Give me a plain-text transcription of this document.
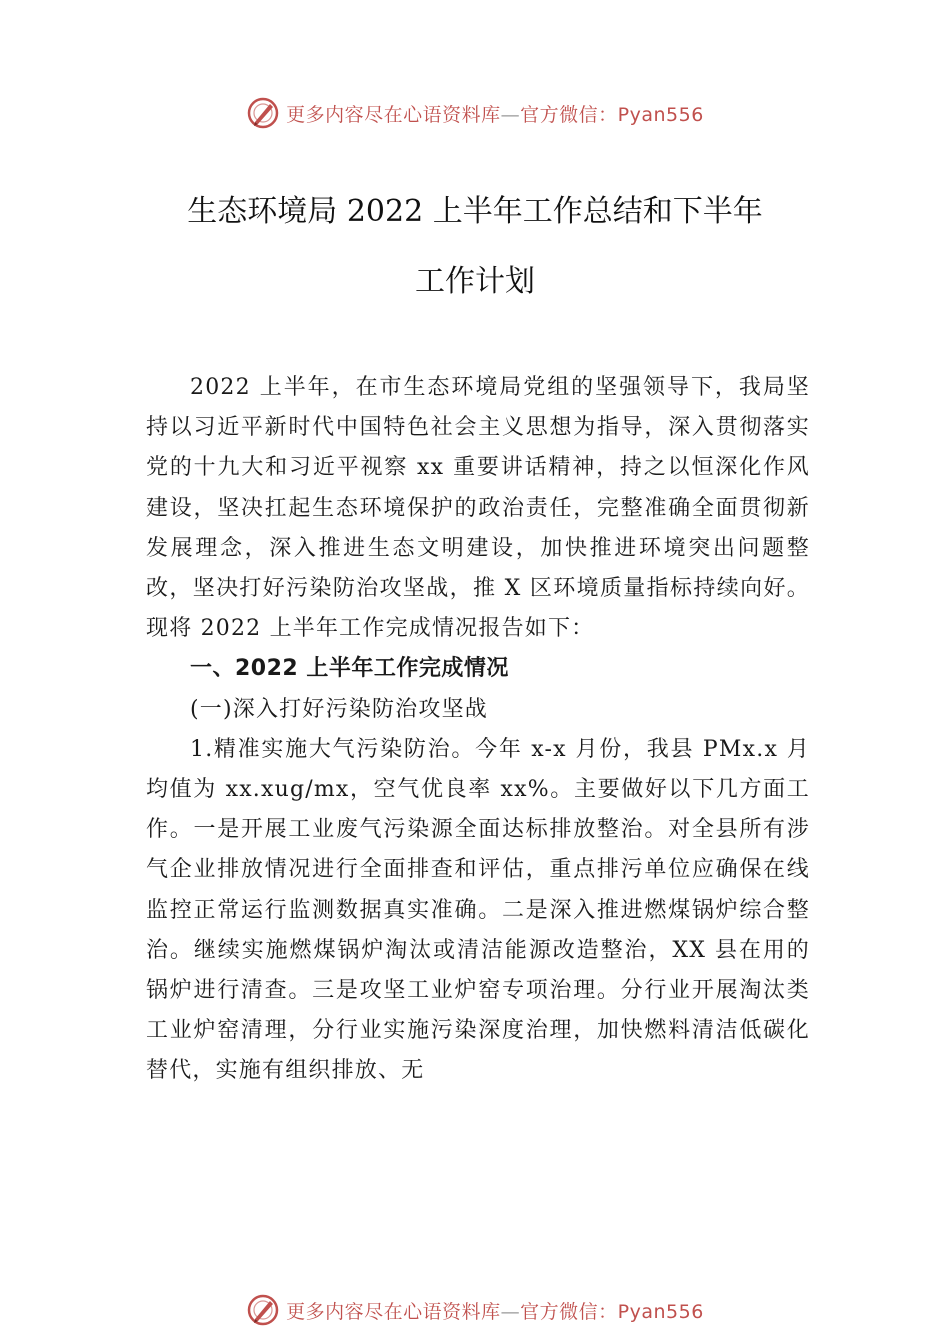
更多内容尽在心语资料库—官方微信：Pyan556
生态环境局 2022 上半年工作总结和下半年
工作计划

2022 上半年，在市生态环境局党组的坚强领导下，我局坚持以习近平新时代中国特色社会主义思想为指导，深入贯彻落实党的十九大和习近平视察 xx 重要讲话精神，持之以恒深化作风建设，坚决扛起生态环境保护的政治责任，完整准确全面贯彻新发展理念，深入推进生态文明建设，加快推进环境突出问题整改，坚决打好污染防治攻坚战，推 X 区环境质量指标持续向好。现将 2022 上半年工作完成情况报告如下：

一、2022 上半年工作完成情况

(一)深入打好污染防治攻坚战

1.精准实施大气污染防治。今年 x-x 月份，我县 PMx.x 月均值为 xx.xug/mx，空气优良率 xx%。主要做好以下几方面工作。一是开展工业废气污染源全面达标排放整治。对全县所有涉气企业排放情况进行全面排查和评估，重点排污单位应确保在线监控正常运行监测数据真实准确。二是深入推进燃煤锅炉综合整治。继续实施燃煤锅炉淘汰或清洁能源改造整治，XX 县在用的锅炉进行清查。三是攻坚工业炉窑专项治理。分行业开展淘汰类工业炉窑清理，分行业实施污染深度治理，加快燃料清洁低碳化替代，实施有组织排放、无

更多内容尽在心语资料库—官方微信：Pyan556
